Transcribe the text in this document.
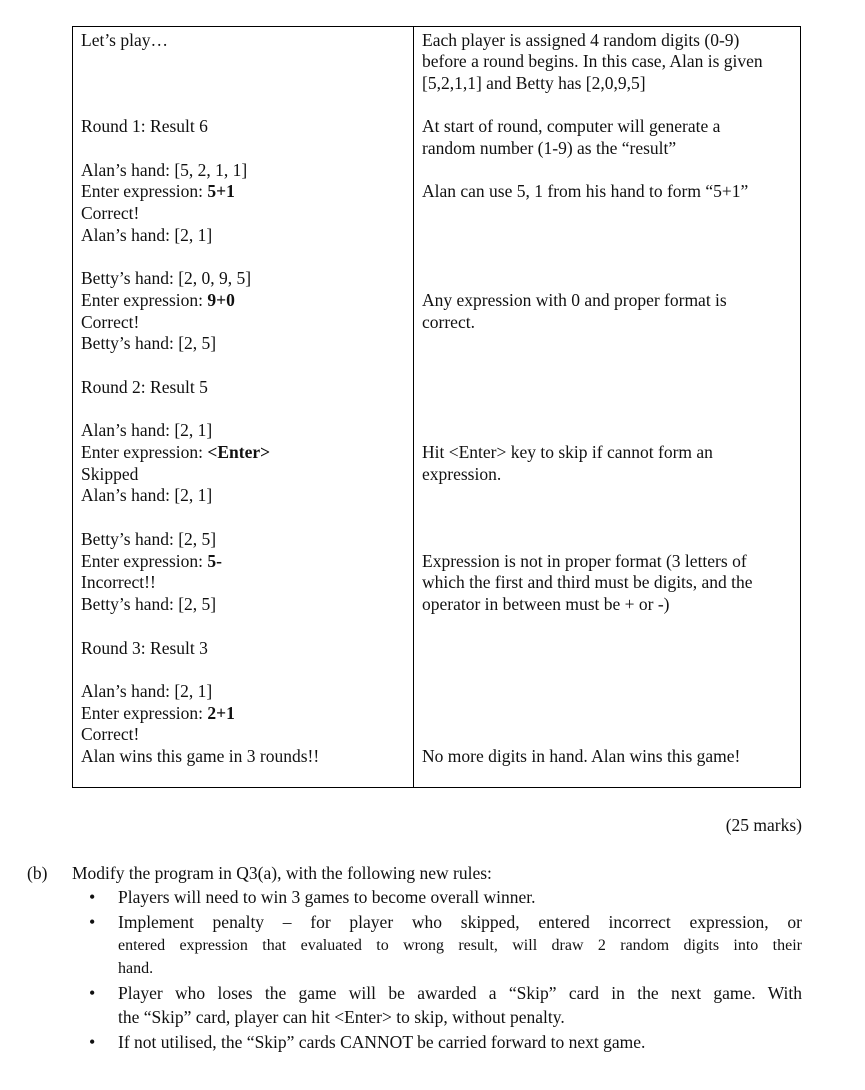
Let’s play…
Round 1: Result 6
Alan’s hand: [5, 2, 1, 1]
Enter expression: 5+1
Correct!
Alan’s hand: [2, 1]
Betty’s hand: [2, 0, 9, 5]
Enter expression: 9+0
Correct!
Betty’s hand: [2, 5]
Round 2: Result 5
Alan’s hand: [2, 1]
Enter expression: <Enter>
Skipped
Alan’s hand: [2, 1]
Betty’s hand: [2, 5]
Enter expression: 5-
Incorrect!!
Betty’s hand: [2, 5]
Round 3: Result 3
Alan’s hand: [2, 1]
Enter expression: 2+1
Correct!
Alan wins this game in 3 rounds!!
Each player is assigned 4 random digits (0-9)
before a round begins. In this case, Alan is given
[5,2,1,1] and Betty has [2,0,9,5]
At start of round, computer will generate a
random number (1-9) as the “result”
Alan can use 5, 1 from his hand to form “5+1”
Any expression with 0 and proper format is
correct.
Hit <Enter> key to skip if cannot form an
expression.
Expression is not in proper format (3 letters of
which the first and third must be digits, and the
operator in between must be + or -)
No more digits in hand. Alan wins this game!
(25 marks)
(b) Modify the program in Q3(a), with the following new rules:
• Players will need to win 3 games to become overall winner.
• Implement penalty – for player who skipped, entered incorrect expression, or
entered expression that evaluated to wrong result, will draw 2 random digits into their
hand.
• Player who loses the game will be awarded a “Skip” card in the next game. With
the “Skip” card, player can hit <Enter> to skip, without penalty.
• If not utilised, the “Skip” cards CANNOT be carried forward to next game.
